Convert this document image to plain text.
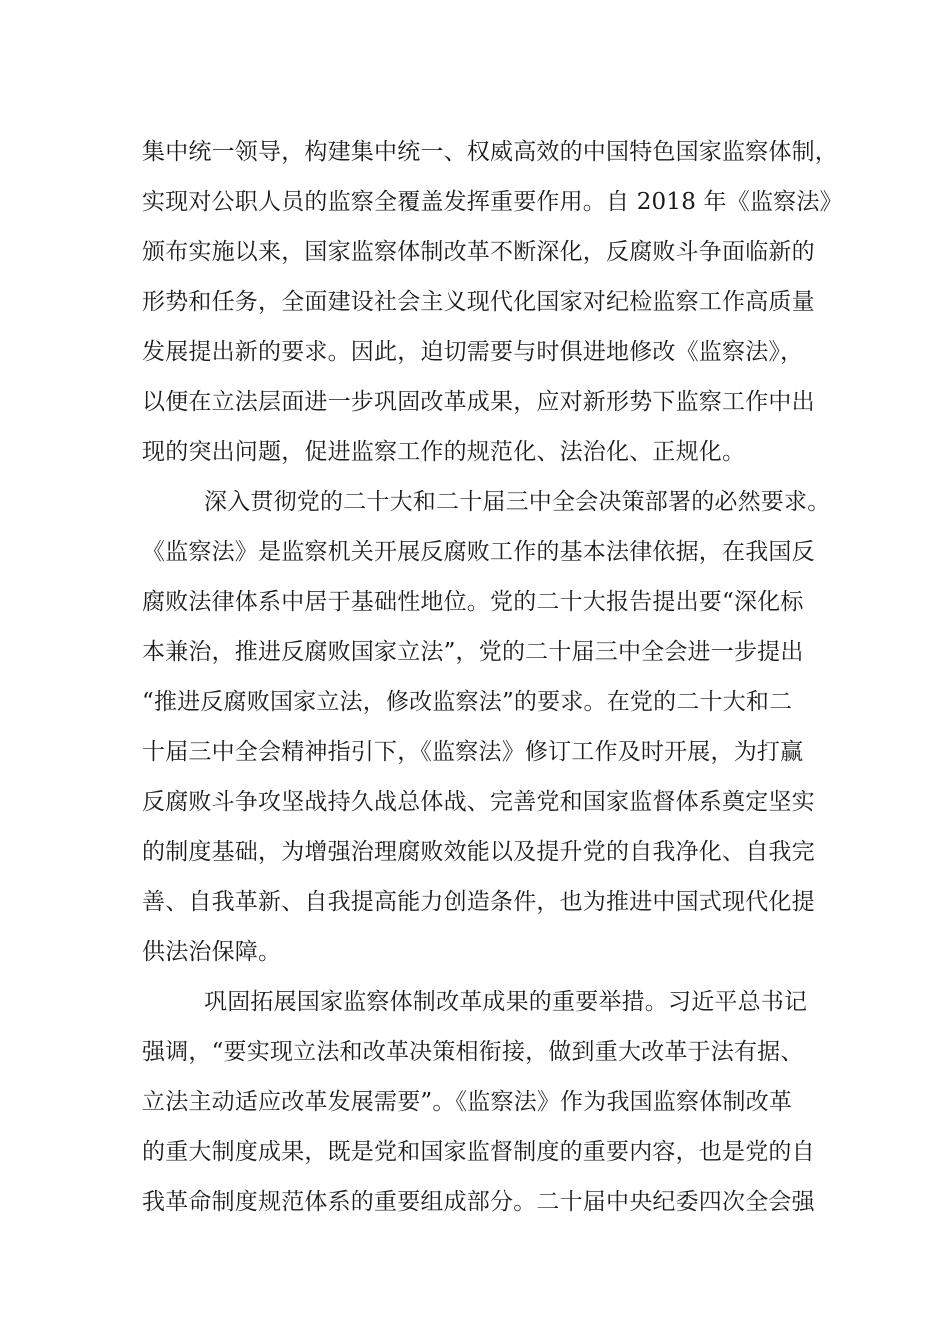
集中统一领导，构建集中统一、权威高效的中国特色国家监察体制，
实现对公职人员的监察全覆盖发挥重要作用。自 2018 年《监察法》
颁布实施以来，国家监察体制改革不断深化，反腐败斗争面临新的
形势和任务，全面建设社会主义现代化国家对纪检监察工作高质量
发展提出新的要求。因此，迫切需要与时俱进地修改《监察法》，
以便在立法层面进一步巩固改革成果，应对新形势下监察工作中出
现的突出问题，促进监察工作的规范化、法治化、正规化。
深入贯彻党的二十大和二十届三中全会决策部署的必然要求。
《监察法》是监察机关开展反腐败工作的基本法律依据，在我国反
腐败法律体系中居于基础性地位。党的二十大报告提出要“深化标
本兼治，推进反腐败国家立法”，党的二十届三中全会进一步提出
“推进反腐败国家立法，修改监察法”的要求。在党的二十大和二
十届三中全会精神指引下，《监察法》修订工作及时开展，为打赢
反腐败斗争攻坚战持久战总体战、完善党和国家监督体系奠定坚实
的制度基础，为增强治理腐败效能以及提升党的自我净化、自我完
善、自我革新、自我提高能力创造条件，也为推进中国式现代化提
供法治保障。
巩固拓展国家监察体制改革成果的重要举措。习近平总书记
强调，“要实现立法和改革决策相衔接，做到重大改革于法有据、
立法主动适应改革发展需要”。《监察法》作为我国监察体制改革
的重大制度成果，既是党和国家监督制度的重要内容，也是党的自
我革命制度规范体系的重要组成部分。二十届中央纪委四次全会强
